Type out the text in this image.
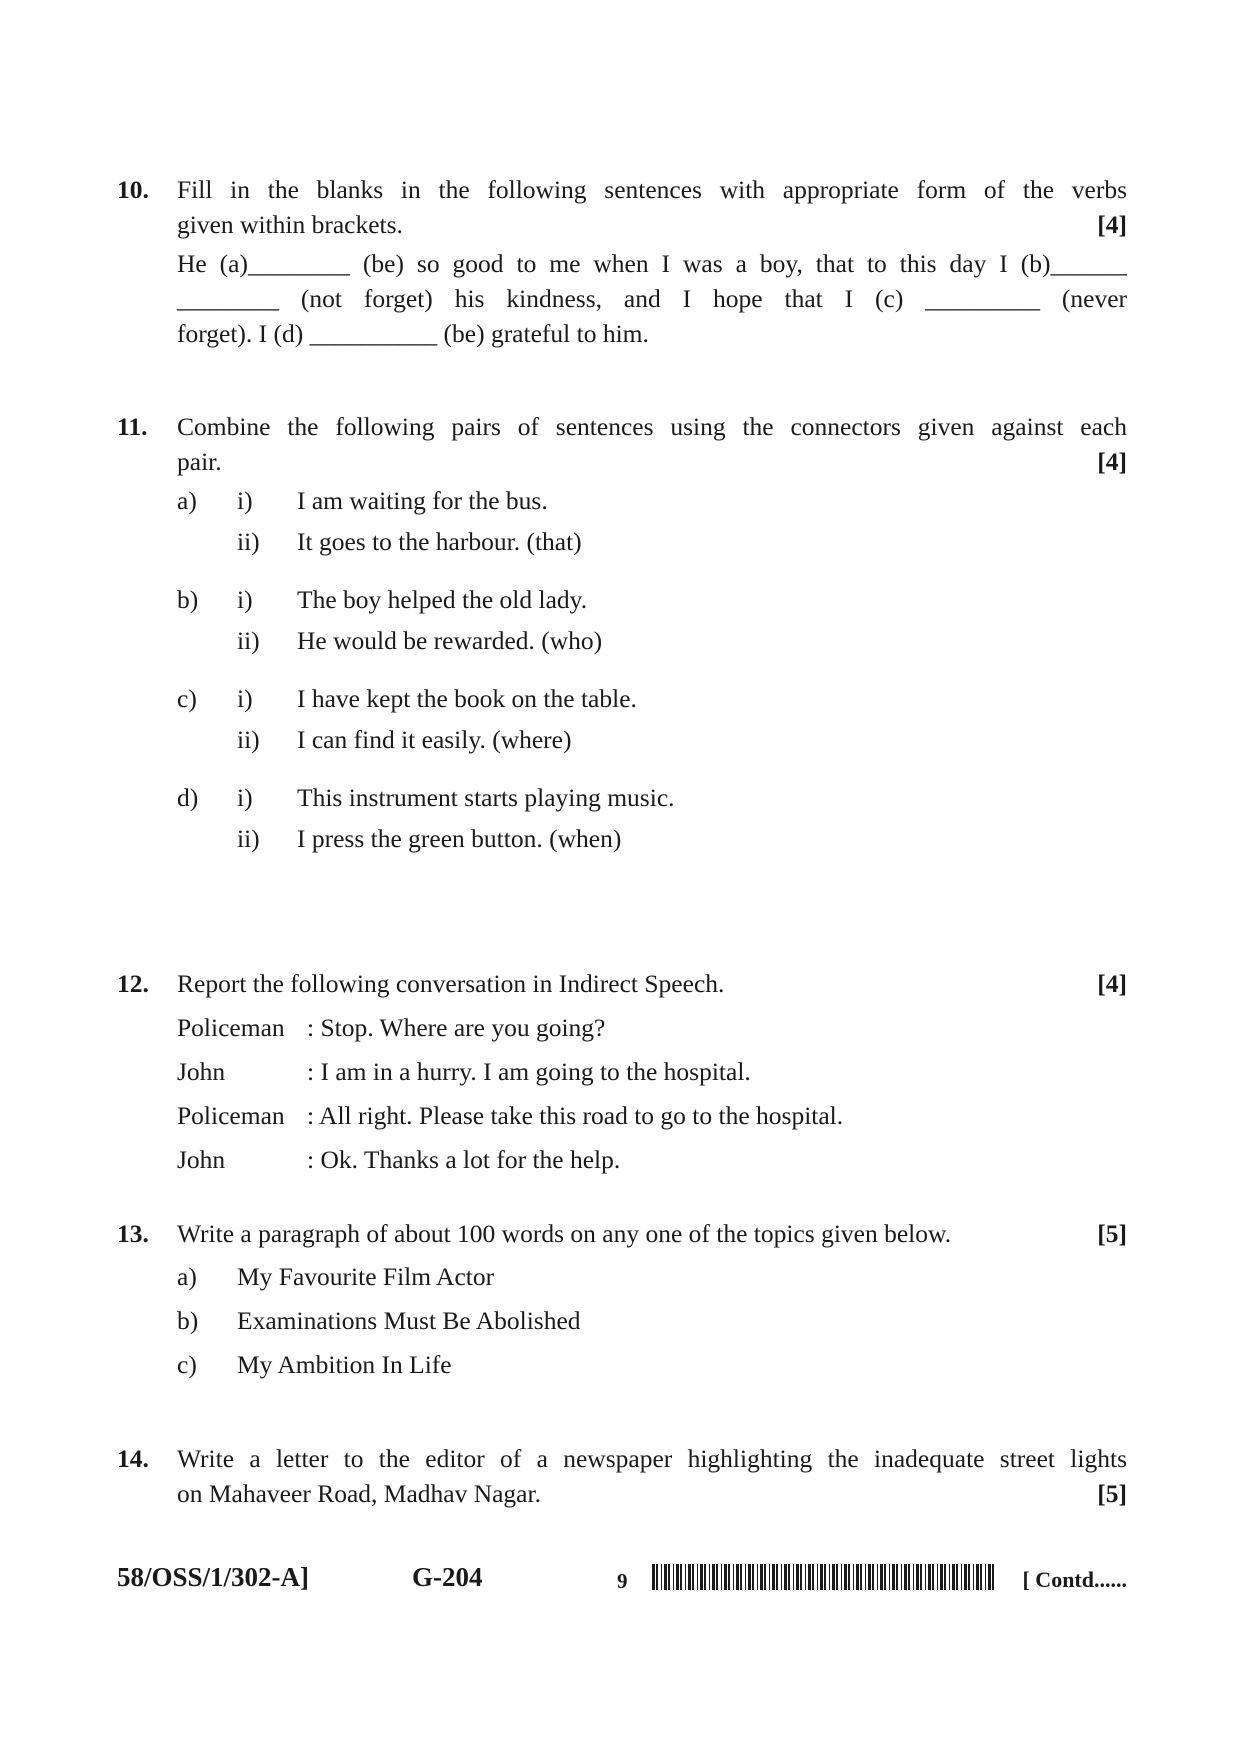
10. Fill in the blanks in the following sentences with appropriate form of the verbs
given within brackets.	[4]
He (a)________ (be) so good to me when I was a boy, that to this day I (b)______
________ (not forget) his kindness, and I hope that I (c) _________ (never
forget). I (d) __________ (be) grateful to him.
11. Combine the following pairs of sentences using the connectors given against each
pair.	[4]
a) i) I am waiting for the bus.
ii) It goes to the harbour. (that)
b) i) The boy helped the old lady.
ii) He would be rewarded. (who)
c) i) I have kept the book on the table.
ii) I can find it easily. (where)
d) i) This instrument starts playing music.
ii) I press the green button. (when)
12. Report the following conversation in Indirect Speech.	[4]
Policeman : Stop. Where are you going?
John	: I am in a hurry. I am going to the hospital.
Policeman : All right. Please take this road to go to the hospital.
John	: Ok. Thanks a lot for the help.
13. Write a paragraph of about 100 words on any one of the topics given below.	[5]
a) My Favourite Film Actor
b) Examinations Must Be Abolished
c) My Ambition In Life
14. Write a letter to the editor of a newspaper highlighting the inadequate street lights
on Mahaveer Road, Madhav Nagar.	[5]
58/OSS/1/302-A]	G-204	9	[ Contd......
